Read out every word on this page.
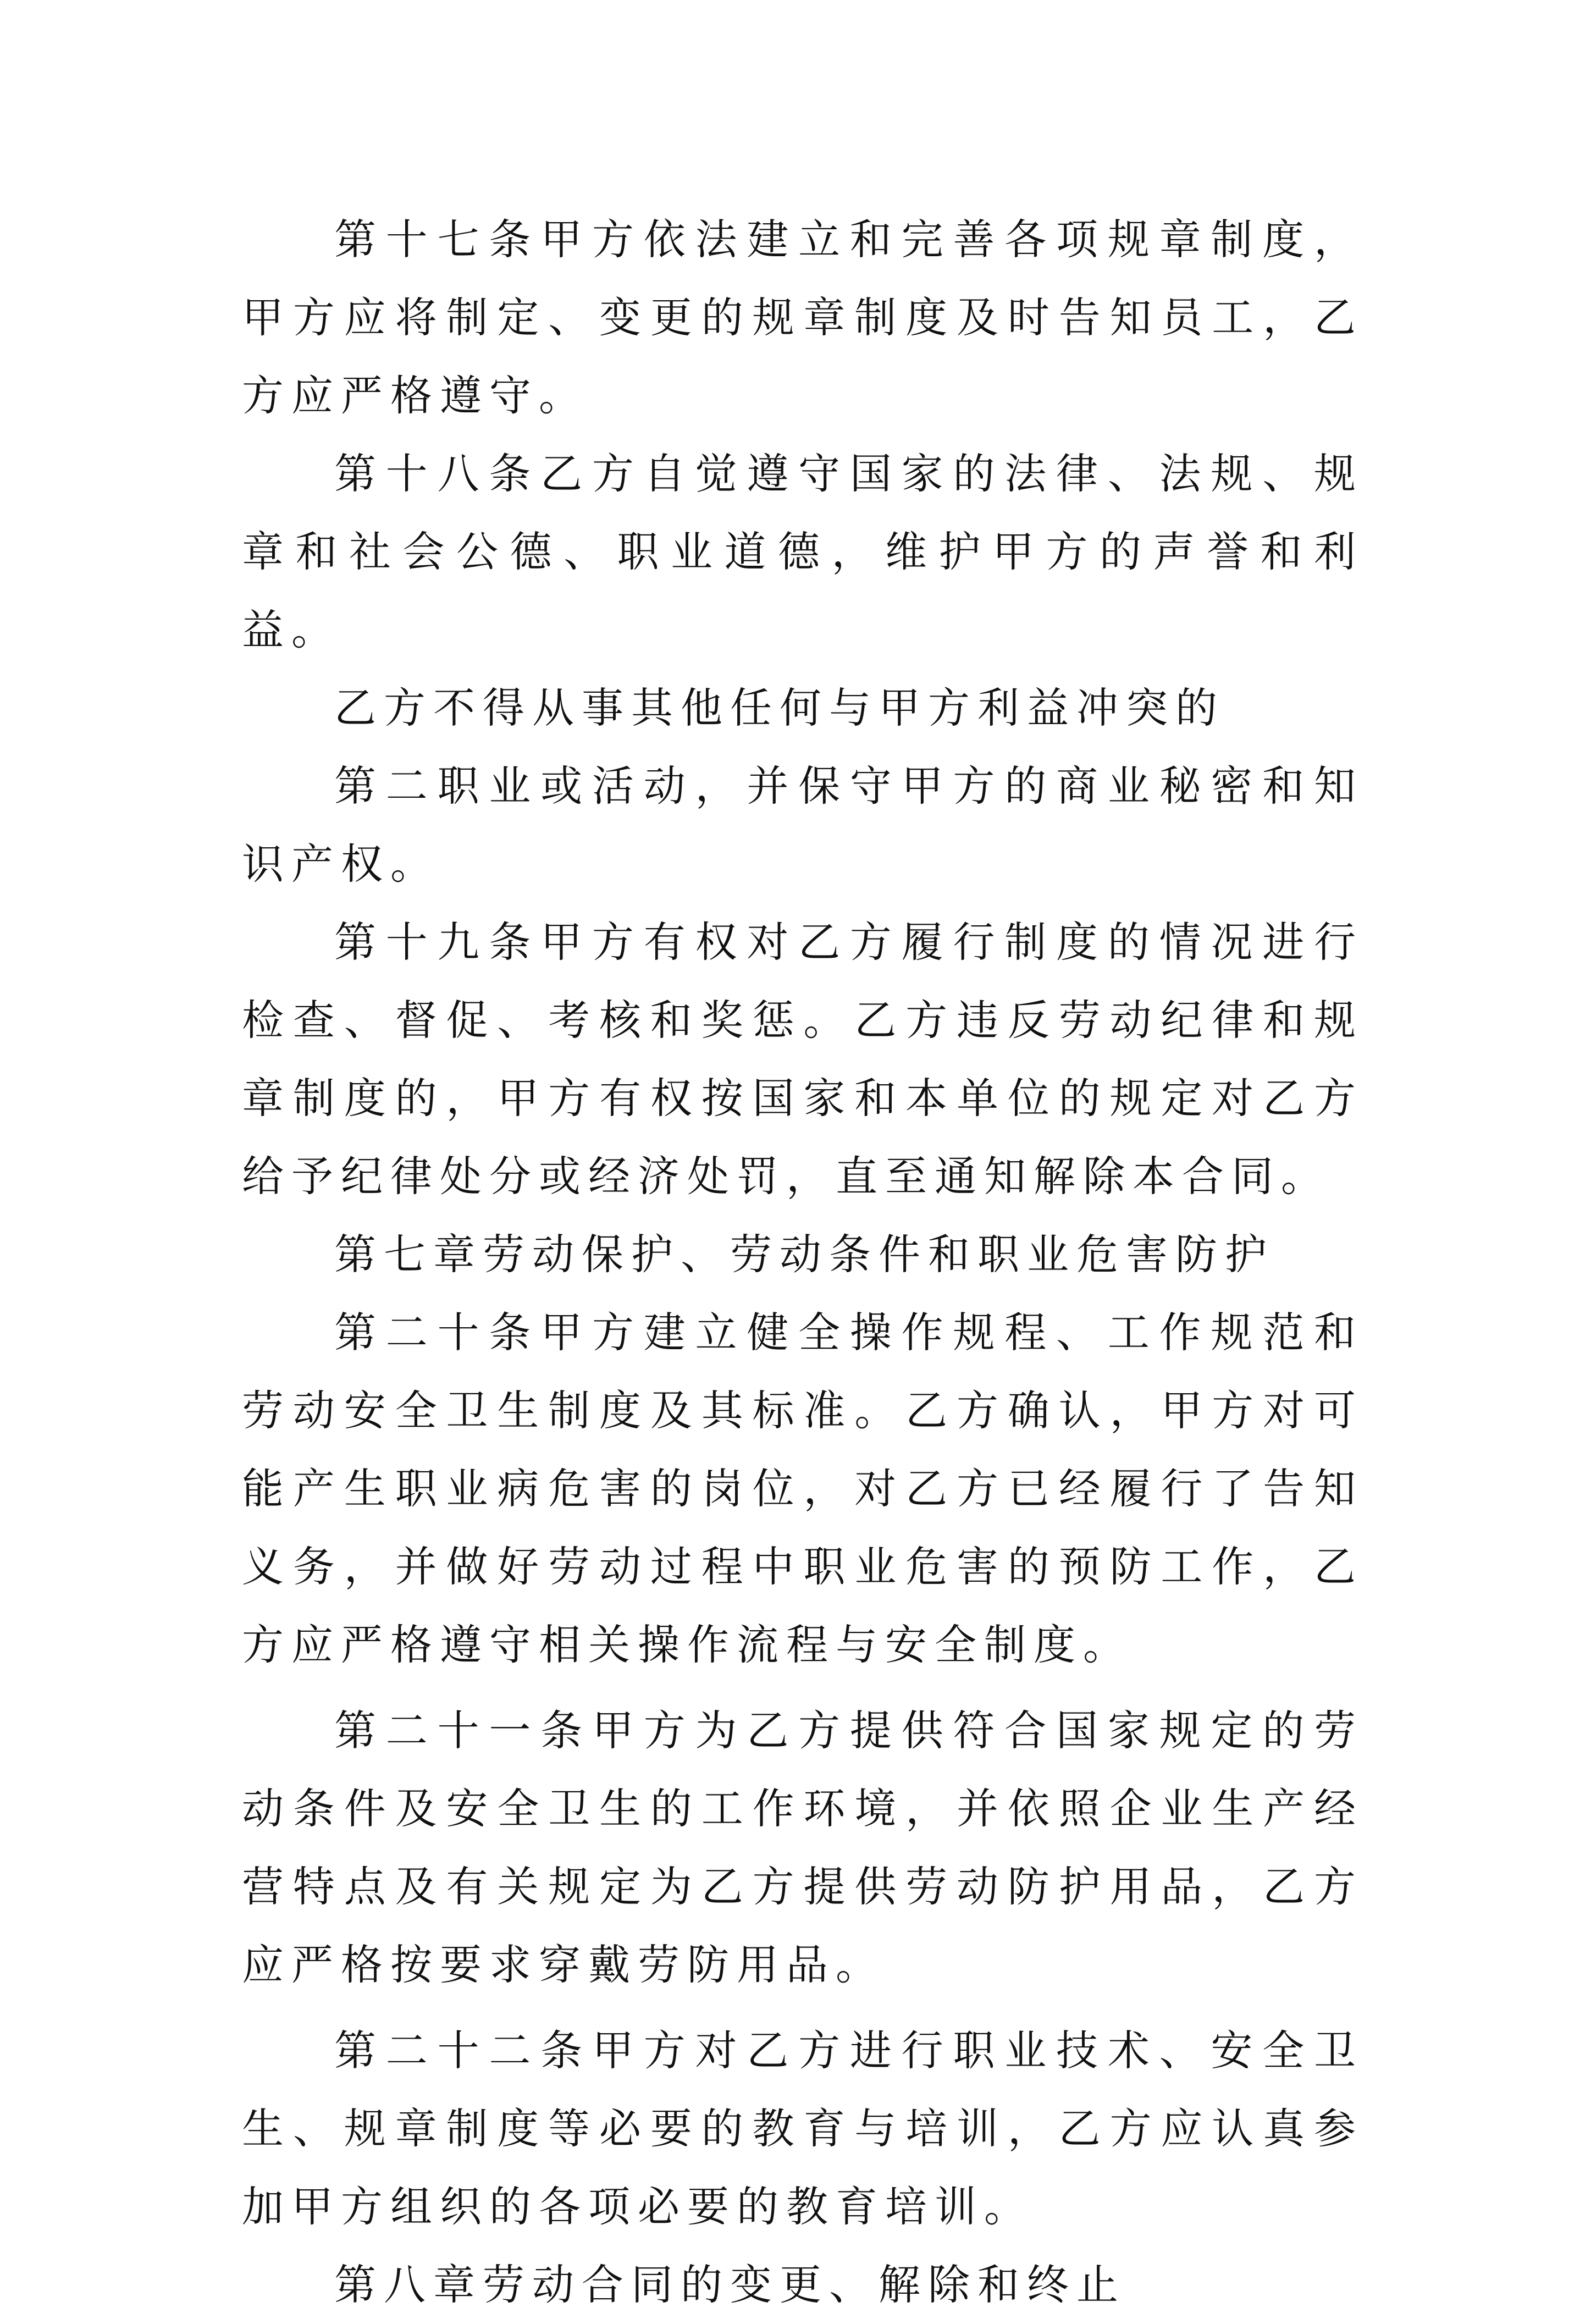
第十七条甲方依法建立和完善各项规章制度，甲方应将制定、变更的规章制度及时告知员工，乙方应严格遵守。

第十八条乙方自觉遵守国家的法律、法规、规章和社会公德、职业道德，维护甲方的声誉和利益。

乙方不得从事其他任何与甲方利益冲突的

第二职业或活动，并保守甲方的商业秘密和知识产权。

第十九条甲方有权对乙方履行制度的情况进行检查、督促、考核和奖惩。乙方违反劳动纪律和规章制度的，甲方有权按国家和本单位的规定对乙方给予纪律处分或经济处罚，直至通知解除本合同。

第七章劳动保护、劳动条件和职业危害防护

第二十条甲方建立健全操作规程、工作规范和劳动安全卫生制度及其标准。乙方确认，甲方对可能产生职业病危害的岗位，对乙方已经履行了告知义务，并做好劳动过程中职业危害的预防工作，乙方应严格遵守相关操作流程与安全制度。

第二十一条甲方为乙方提供符合国家规定的劳动条件及安全卫生的工作环境，并依照企业生产经营特点及有关规定为乙方提供劳动防护用品，乙方应严格按要求穿戴劳防用品。

第二十二条甲方对乙方进行职业技术、安全卫生、规章制度等必要的教育与培训，乙方应认真参加甲方组织的各项必要的教育培训。

第八章劳动合同的变更、解除和终止
